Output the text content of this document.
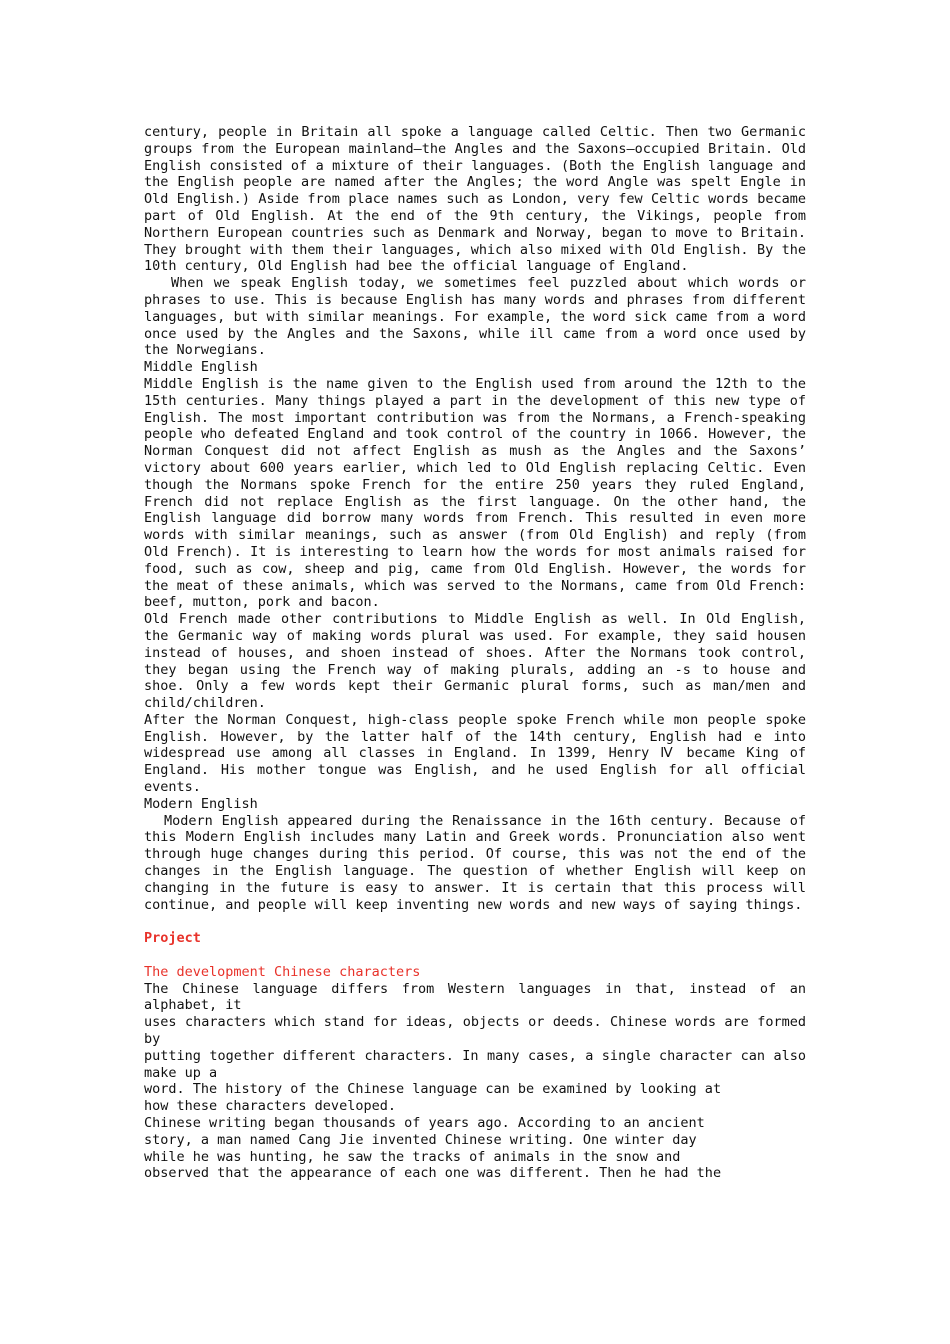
century, people in Britain all spoke a language called Celtic. Then two Germanic groups from the European mainland—the Angles and the Saxons—occupied Britain. Old English consisted of a mixture of their languages. (Both the English language and the English people are named after the Angles; the word Angle was spelt Engle in Old English.) Aside from place names such as London, very few Celtic words became part of Old English. At the end of the 9th century, the Vikings, people from Northern European countries such as Denmark and Norway, began to move to Britain. They brought with them their languages, which also mixed with Old English. By the 10th century, Old English had bee the official language of England.

When we speak English today, we sometimes feel puzzled about which words or phrases to use. This is because English has many words and phrases from different languages, but with similar meanings. For example, the word sick came from a word once used by the Angles and the Saxons, while ill came from a word once used by the Norwegians.

Middle English

Middle English is the name given to the English used from around the 12th to the 15th centuries. Many things played a part in the development of this new type of English. The most important contribution was from the Normans, a French-speaking people who defeated England and took control of the country in 1066. However, the Norman Conquest did not affect English as mush as the Angles and the Saxons’ victory about 600 years earlier, which led to Old English replacing Celtic. Even though the Normans spoke French for the entire 250 years they ruled England, French did not replace English as the first language. On the other hand, the English language did borrow many words from French. This resulted in even more words with similar meanings, such as answer (from Old English) and reply (from Old French). It is interesting to learn how the words for most animals raised for food, such as cow, sheep and pig, came from Old English. However, the words for the meat of these animals, which was served to the Normans, came from Old French: beef, mutton, pork and bacon.

Old French made other contributions to Middle English as well. In Old English, the Germanic way of making words plural was used. For example, they said housen instead of houses, and shoen instead of shoes. After the Normans took control, they began using the French way of making plurals, adding an -s to house and shoe. Only a few words kept their Germanic plural forms, such as man/men and child/children.

After the Norman Conquest, high-class people spoke French while mon people spoke English. However, by the latter half of the 14th century, English had e into widespread use among all classes in England. In 1399, Henry Ⅳ became King of England. His mother tongue was English, and he used English for all official events.

Modern English

Modern English appeared during the Renaissance in the 16th century. Because of this Modern English includes many Latin and Greek words. Pronunciation also went through huge changes during this period. Of course, this was not the end of the changes in the English language. The question of whether English will keep on changing in the future is easy to answer. It is certain that this process will continue, and people will keep inventing new words and new ways of saying things.

Project

The development Chinese characters

The Chinese language differs from Western languages in that, instead of an alphabet, it

uses characters which stand for ideas, objects or deeds. Chinese words are formed by

putting together different characters. In many cases, a single character can also make up a

word. The history of the Chinese language can be examined by looking at

how these characters developed.

Chinese writing began thousands of years ago. According to an ancient

story, a man named Cang Jie invented Chinese writing. One winter day

while he was hunting, he saw the tracks of animals in the snow and

observed that the appearance of each one was different. Then he had the
